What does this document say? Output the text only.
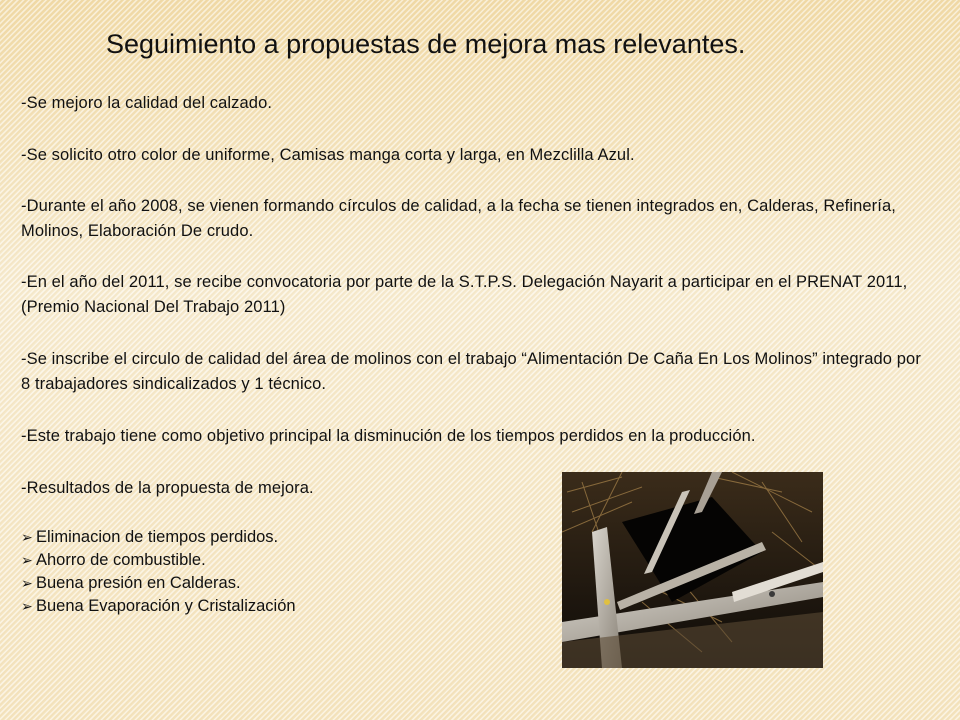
Seguimiento a propuestas de mejora mas relevantes.
-Se mejoro la calidad del calzado.
-Se solicito otro color de uniforme, Camisas manga corta y larga, en Mezclilla Azul.
-Durante el año 2008, se vienen formando círculos de calidad, a la fecha se tienen integrados en, Calderas, Refinería, Molinos, Elaboración De crudo.
-En el año del 2011, se recibe convocatoria por parte de la S.T.P.S. Delegación Nayarit a participar en el PRENAT 2011, (Premio Nacional Del Trabajo 2011)
-Se inscribe el circulo de calidad del área de molinos con el trabajo “Alimentación De Caña En Los Molinos” integrado por 8 trabajadores sindicalizados y 1 técnico.
-Este trabajo tiene como objetivo principal la disminución de los tiempos perdidos en la producción.
-Resultados de la propuesta de mejora.
➢ Eliminacion de tiempos perdidos.
➢ Ahorro de combustible.
➢ Buena presión en Calderas.
➢ Buena Evaporación y Cristalización
